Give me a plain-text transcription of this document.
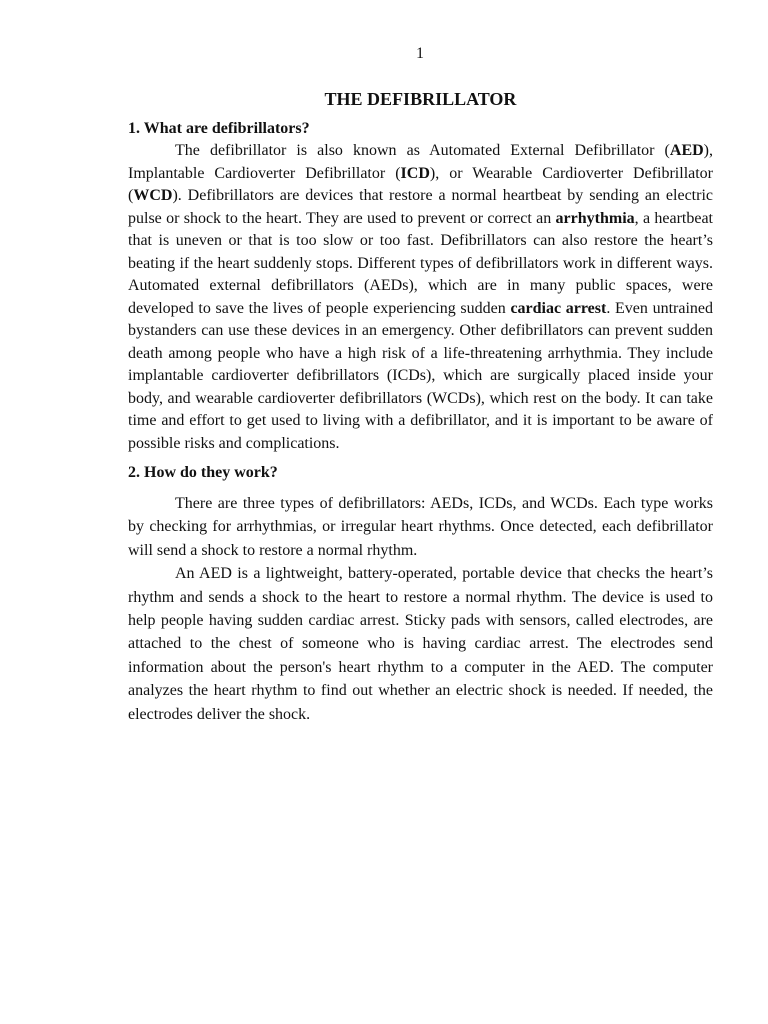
1
THE DEFIBRILLATOR
1. What are defibrillators?

The defibrillator is also known as Automated External Defibrillator (AED), Implantable Cardioverter Defibrillator (ICD), or Wearable Cardioverter Defibrillator (WCD). Defibrillators are devices that restore a normal heartbeat by sending an electric pulse or shock to the heart. They are used to prevent or correct an arrhythmia, a heartbeat that is uneven or that is too slow or too fast. Defibrillators can also restore the heart’s beating if the heart suddenly stops. Different types of defibrillators work in different ways. Automated external defibrillators (AEDs), which are in many public spaces, were developed to save the lives of people experiencing sudden cardiac arrest. Even untrained bystanders can use these devices in an emergency. Other defibrillators can prevent sudden death among people who have a high risk of a life-threatening arrhythmia. They include implantable cardioverter defibrillators (ICDs), which are surgically placed inside your body, and wearable cardioverter defibrillators (WCDs), which rest on the body. It can take time and effort to get used to living with a defibrillator, and it is important to be aware of possible risks and complications.

2. How do they work?

There are three types of defibrillators: AEDs, ICDs, and WCDs. Each type works by checking for arrhythmias, or irregular heart rhythms. Once detected, each defibrillator will send a shock to restore a normal rhythm.

An AED is a lightweight, battery-operated, portable device that checks the heart’s rhythm and sends a shock to the heart to restore a normal rhythm. The device is used to help people having sudden cardiac arrest. Sticky pads with sensors, called electrodes, are attached to the chest of someone who is having cardiac arrest. The electrodes send information about the person's heart rhythm to a computer in the AED. The computer analyzes the heart rhythm to find out whether an electric shock is needed. If needed, the electrodes deliver the shock.
